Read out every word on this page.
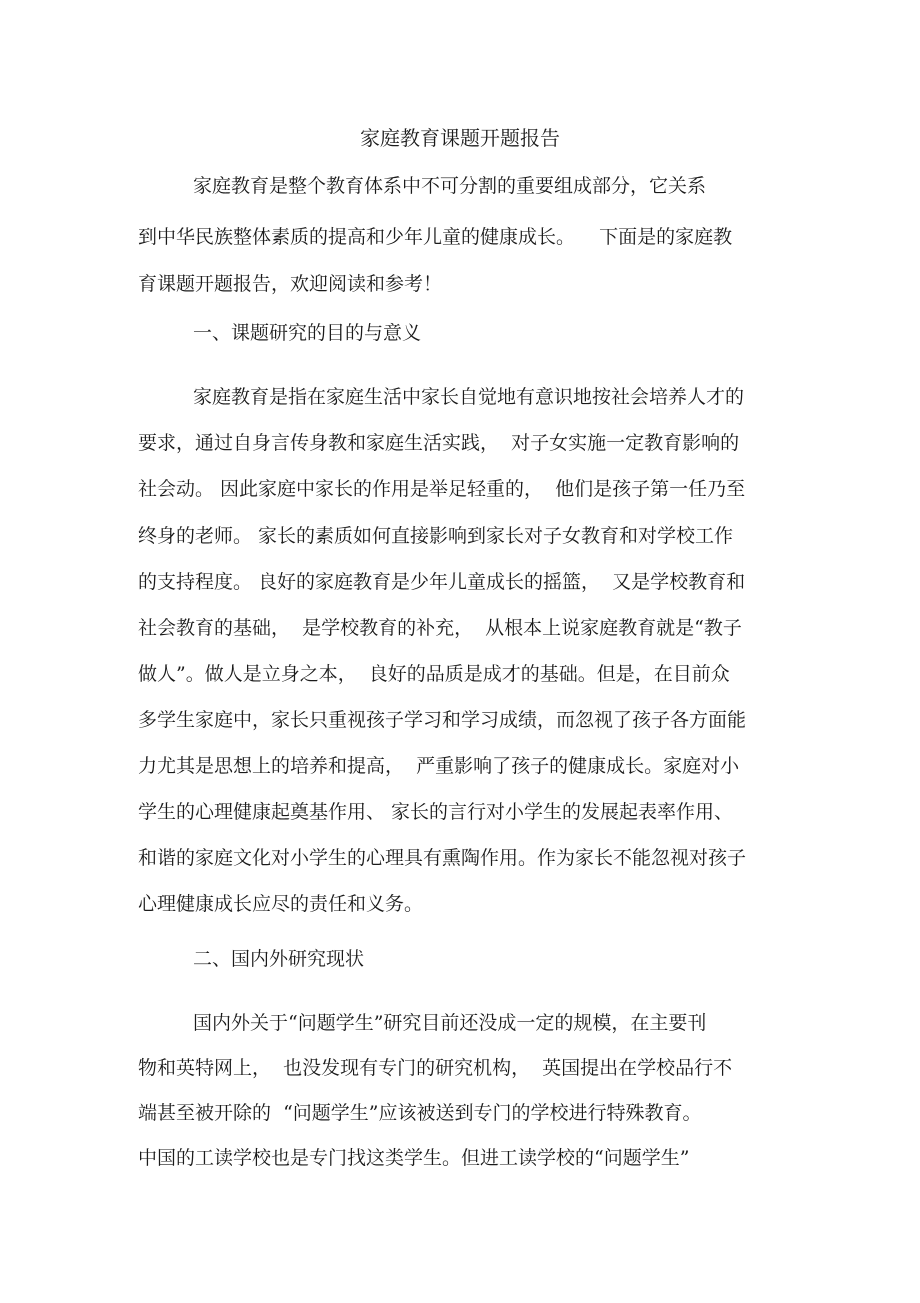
家庭教育课题开题报告
家庭教育是整个教育体系中不可分割的重要组成部分，它关系
到中华民族整体素质的提高和少年儿童的健康成长。    下面是的家庭教
育课题开题报告，欢迎阅读和参考！
一、课题研究的目的与意义
家庭教育是指在家庭生活中家长自觉地有意识地按社会培养人才的
要求，通过自身言传身教和家庭生活实践，  对子女实施一定教育影响的
社会动。 因此家庭中家长的作用是举足轻重的，  他们是孩子第一任乃至
终身的老师。 家长的素质如何直接影响到家长对子女教育和对学校工作
的支持程度。 良好的家庭教育是少年儿童成长的摇篮，  又是学校教育和
社会教育的基础，  是学校教育的补充，  从根本上说家庭教育就是“教子
做人”。做人是立身之本，  良好的品质是成才的基础。但是，在目前众
多学生家庭中，家长只重视孩子学习和学习成绩，而忽视了孩子各方面能
力尤其是思想上的培养和提高，  严重影响了孩子的健康成长。家庭对小
学生的心理健康起奠基作用、 家长的言行对小学生的发展起表率作用、
和谐的家庭文化对小学生的心理具有熏陶作用。作为家长不能忽视对孩子
心理健康成长应尽的责任和义务。
二、国内外研究现状
国内外关于“问题学生”研究目前还没成一定的规模，在主要刊
物和英特网上，  也没发现有专门的研究机构，  英国提出在学校品行不
端甚至被开除的  “问题学生”应该被送到专门的学校进行特殊教育。
中国的工读学校也是专门找这类学生。但进工读学校的“问题学生”
